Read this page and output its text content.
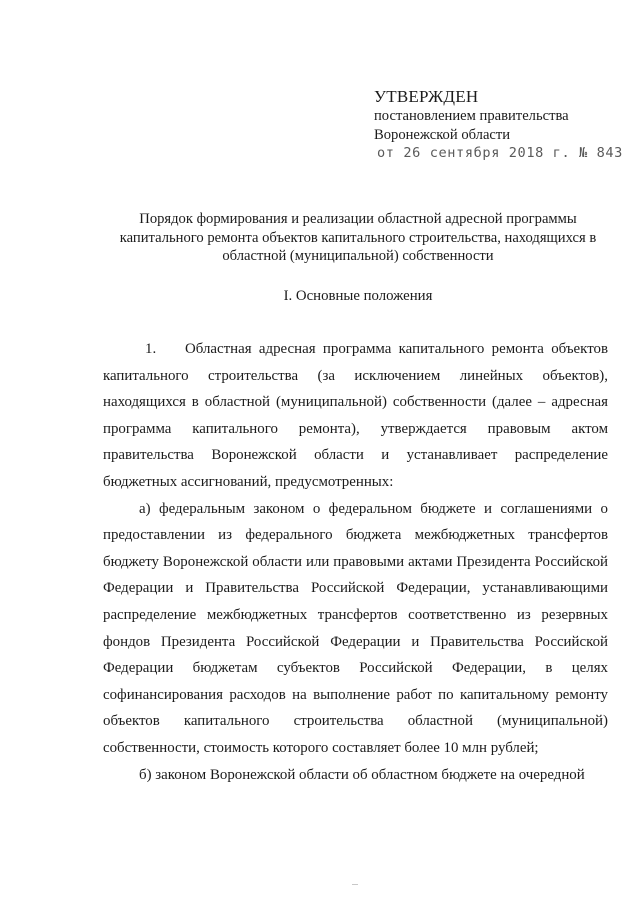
УТВЕРЖДЕН
постановлением правительства
Воронежской области
от 26 сентября 2018 г. № 843
Порядок формирования и реализации областной адресной программы капитального ремонта объектов капитального строительства, находящихся в областной (муниципальной) собственности
I. Основные положения

1. Областная адресная программа капитального ремонта объектов капитального строительства (за исключением линейных объектов), находящихся в областной (муниципальной) собственности (далее – адресная программа капитального ремонта), утверждается правовым актом правительства Воронежской области и устанавливает распределение бюджетных ассигнований, предусмотренных:

а) федеральным законом о федеральном бюджете и соглашениями о предоставлении из федерального бюджета межбюджетных трансфертов бюджету Воронежской области или правовыми актами Президента Российской Федерации и Правительства Российской Федерации, устанавливающими распределение межбюджетных трансфертов соответственно из резервных фондов Президента Российской Федерации и Правительства Российской Федерации бюджетам субъектов Российской Федерации, в целях софинансирования расходов на выполнение работ по капитальному ремонту объектов капитального строительства областной (муниципальной) собственности, стоимость которого составляет более 10 млн рублей;

б) законом Воронежской области об областном бюджете на очередной
